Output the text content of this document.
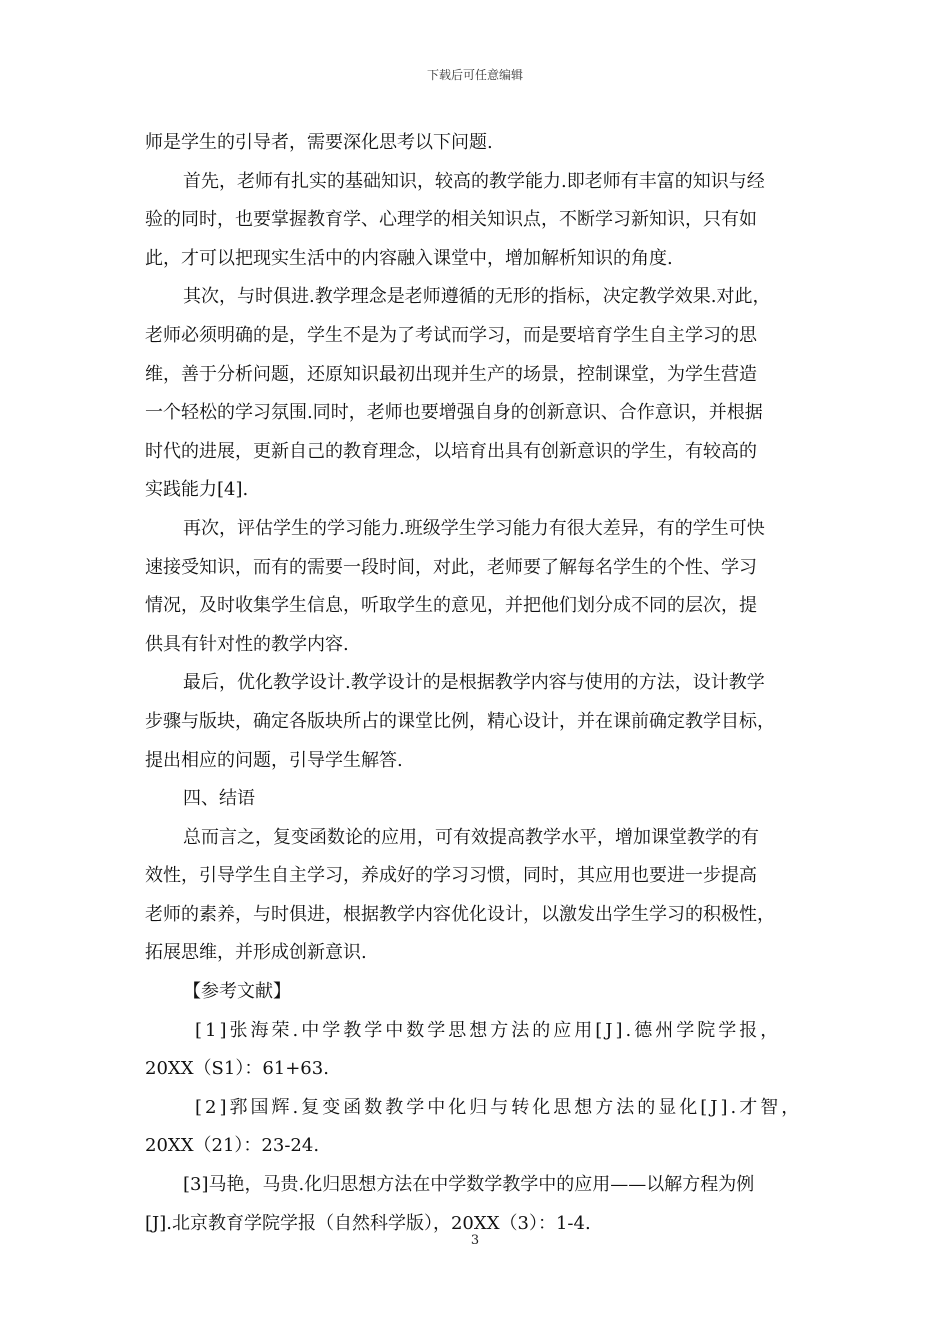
下载后可任意编辑
师是学生的引导者，需要深化思考以下问题.
首先，老师有扎实的基础知识，较高的教学能力.即老师有丰富的知识与经
验的同时，也要掌握教育学、心理学的相关知识点，不断学习新知识，只有如
此，才可以把现实生活中的内容融入课堂中，增加解析知识的角度.
其次，与时俱进.教学理念是老师遵循的无形的指标，决定教学效果.对此，
老师必须明确的是，学生不是为了考试而学习，而是要培育学生自主学习的思
维，善于分析问题，还原知识最初出现并生产的场景，控制课堂，为学生营造
一个轻松的学习氛围.同时，老师也要增强自身的创新意识、合作意识，并根据
时代的进展，更新自己的教育理念，以培育出具有创新意识的学生，有较高的
实践能力[4].
再次，评估学生的学习能力.班级学生学习能力有很大差异，有的学生可快
速接受知识，而有的需要一段时间，对此，老师要了解每名学生的个性、学习
情况，及时收集学生信息，听取学生的意见，并把他们划分成不同的层次，提
供具有针对性的教学内容.
最后，优化教学设计.教学设计的是根据教学内容与使用的方法，设计教学
步骤与版块，确定各版块所占的课堂比例，精心设计，并在课前确定教学目标，
提出相应的问题，引导学生解答.
四、结语
总而言之，复变函数论的应用，可有效提高教学水平，增加课堂教学的有
效性，引导学生自主学习，养成好的学习习惯，同时，其应用也要进一步提高
老师的素养，与时俱进，根据教学内容优化设计，以激发出学生学习的积极性，
拓展思维，并形成创新意识.
【参考文献】
[1]张海荣.中学教学中数学思想方法的应用[J].德州学院学报，
20XX（S1）：61+63.
[2]郛国辉.复变函数教学中化归与转化思想方法的显化[J].才智，
20XX（21）：23-24.
[3]马艳，马贵.化归思想方法在中学数学教学中的应用——以解方程为例
[J].北京教育学院学报（自然科学版），20XX（3）：1-4.
3
